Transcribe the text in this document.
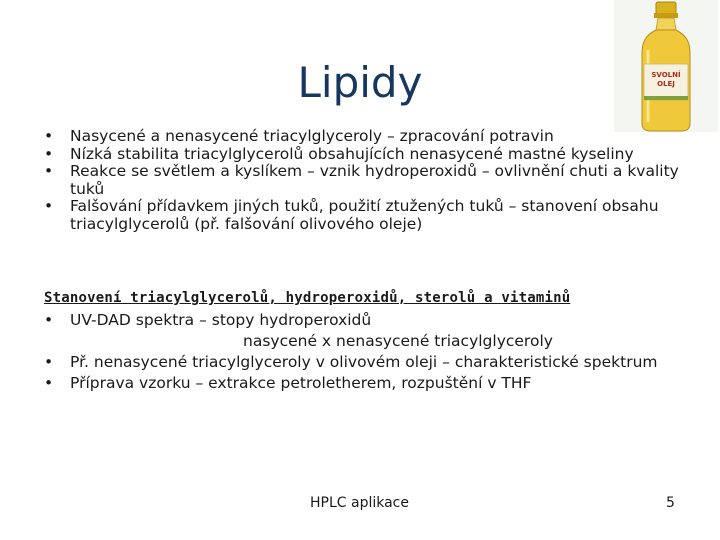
Lipidy	SVOLNÍ
OLEJ
• Nasycené a nenasycené triacylglyceroly – zpracování potravin
• Nízká stabilita triacylglycerolů obsahujících nenasycené mastné kyseliny
• Reakce se světlem a kyslíkem – vznik hydroperoxidů – ovlivnění chuti a kvality tuků
• Falšování přídavkem jiných tuků, použití ztužených tuků – stanovení obsahu triacylglycerolů (př. falšování olivového oleje)
Stanovení triacylglycerolů, hydroperoxidů, sterolů a vitaminů
• UV-DAD spektra – stopy hydroperoxidů
nasycené x nenasycené triacylglyceroly
• Př. nenasycené triacylglyceroly v olivovém oleji – charakteristické spektrum
• Příprava vzorku – extrakce petroletherem, rozpuštění v THF
HPLC aplikace	5
